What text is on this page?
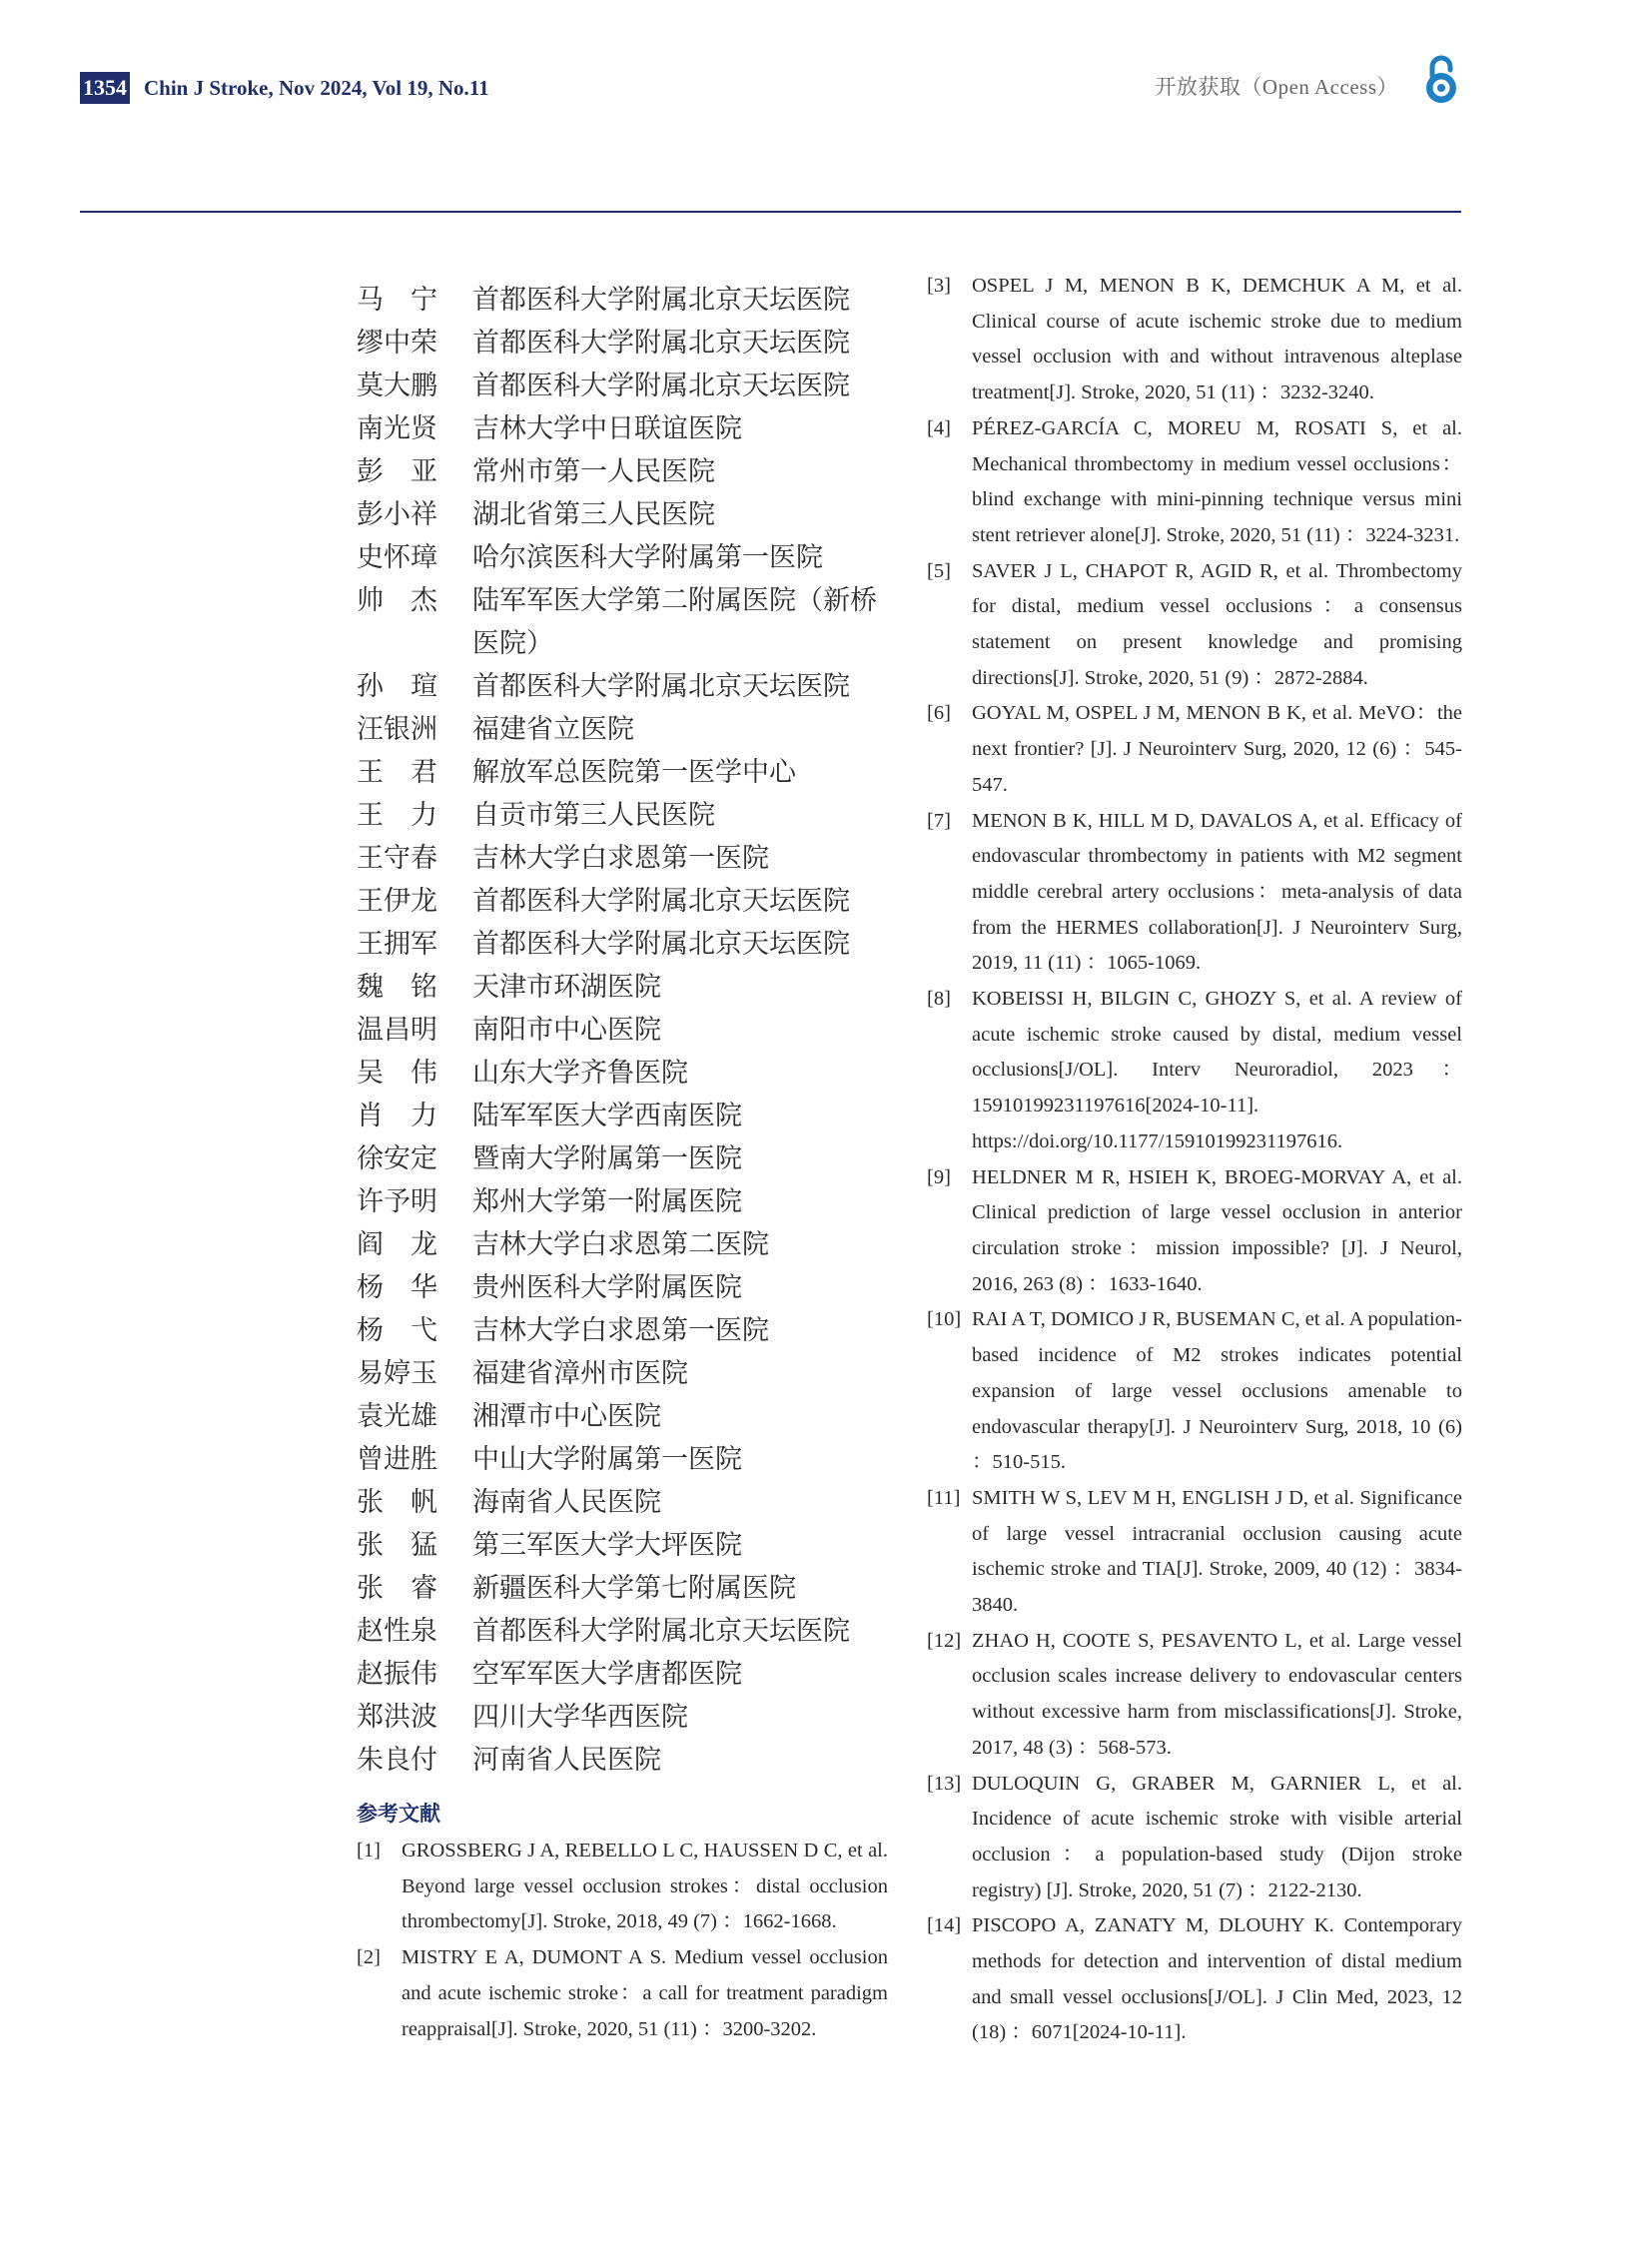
1354 Chin J Stroke, Nov 2024, Vol 19, No.11	开放获取（Open Access）
马　宁	首都医科大学附属北京天坛医院
缪中荣	首都医科大学附属北京天坛医院
莫大鹏	首都医科大学附属北京天坛医院
南光贤	吉林大学中日联谊医院
彭　亚	常州市第一人民医院
彭小祥	湖北省第三人民医院
史怀璋	哈尔滨医科大学附属第一医院
帅　杰	陆军军医大学第二附属医院（新桥医院）
孙　瑄	首都医科大学附属北京天坛医院
汪银洲	福建省立医院
王　君	解放军总医院第一医学中心
王　力	自贡市第三人民医院
王守春	吉林大学白求恩第一医院
王伊龙	首都医科大学附属北京天坛医院
王拥军	首都医科大学附属北京天坛医院
魏　铭	天津市环湖医院
温昌明	南阳市中心医院
吴　伟	山东大学齐鲁医院
肖　力	陆军军医大学西南医院
徐安定	暨南大学附属第一医院
许予明	郑州大学第一附属医院
阎　龙	吉林大学白求恩第二医院
杨　华	贵州医科大学附属医院
杨　弋	吉林大学白求恩第一医院
易婷玉	福建省漳州市医院
袁光雄	湘潭市中心医院
曾进胜	中山大学附属第一医院
张　帆	海南省人民医院
张　猛	第三军医大学大坪医院
张　睿	新疆医科大学第七附属医院
赵性泉	首都医科大学附属北京天坛医院
赵振伟	空军军医大学唐都医院
郑洪波	四川大学华西医院
朱良付	河南省人民医院
参考文献
[1]	GROSSBERG J A, REBELLO L C, HAUSSEN D C, et al. Beyond large vessel occlusion strokes：distal occlusion thrombectomy[J]. Stroke, 2018, 49 (7) ：1662-1668.
[2]	MISTRY E A, DUMONT A S. Medium vessel occlusion and acute ischemic stroke：a call for treatment paradigm reappraisal[J]. Stroke, 2020, 51 (11) ：3200-3202.
[3]	OSPEL J M, MENON B K, DEMCHUK A M, et al. Clinical course of acute ischemic stroke due to medium vessel occlusion with and without intravenous alteplase treatment[J]. Stroke, 2020, 51 (11) ：3232-3240.
[4]	PÉREZ-GARCÍA C, MOREU M, ROSATI S, et al. Mechanical thrombectomy in medium vessel occlusions：blind exchange with mini-pinning technique versus mini stent retriever alone[J]. Stroke, 2020, 51 (11) ：3224-3231.
[5]	SAVER J L, CHAPOT R, AGID R, et al. Thrombectomy for distal, medium vessel occlusions：a consensus statement on present knowledge and promising directions[J]. Stroke, 2020, 51 (9) ：2872-2884.
[6]	GOYAL M, OSPEL J M, MENON B K, et al. MeVO：the next frontier? [J]. J Neurointerv Surg, 2020, 12 (6) ：545-547.
[7]	MENON B K, HILL M D, DAVALOS A, et al. Efficacy of endovascular thrombectomy in patients with M2 segment middle cerebral artery occlusions：meta-analysis of data from the HERMES collaboration[J]. J Neurointerv Surg, 2019, 11 (11) ：1065-1069.
[8]	KOBEISSI H, BILGIN C, GHOZY S, et al. A review of acute ischemic stroke caused by distal, medium vessel occlusions[J/OL]. Interv Neuroradiol, 2023：15910199231197616[2024-10-11]. https://doi.org/10.1177/15910199231197616.
[9]	HELDNER M R, HSIEH K, BROEG-MORVAY A, et al. Clinical prediction of large vessel occlusion in anterior circulation stroke：mission impossible? [J]. J Neurol, 2016, 263 (8) ：1633-1640.
[10] RAI A T, DOMICO J R, BUSEMAN C, et al. A population-based incidence of M2 strokes indicates potential expansion of large vessel occlusions amenable to endovascular therapy[J]. J Neurointerv Surg, 2018, 10 (6) ：510-515.
[11] SMITH W S, LEV M H, ENGLISH J D, et al. Significance of large vessel intracranial occlusion causing acute ischemic stroke and TIA[J]. Stroke, 2009, 40 (12) ：3834-3840.
[12] ZHAO H, COOTE S, PESAVENTO L, et al. Large vessel occlusion scales increase delivery to endovascular centers without excessive harm from misclassifications[J]. Stroke, 2017, 48 (3) ：568-573.
[13] DULOQUIN G, GRABER M, GARNIER L, et al. Incidence of acute ischemic stroke with visible arterial occlusion：a population-based study (Dijon stroke registry) [J]. Stroke, 2020, 51 (7) ：2122-2130.
[14] PISCOPO A, ZANATY M, DLOUHY K. Contemporary methods for detection and intervention of distal medium and small vessel occlusions[J/OL]. J Clin Med, 2023, 12 (18) ：6071[2024-10-11].
